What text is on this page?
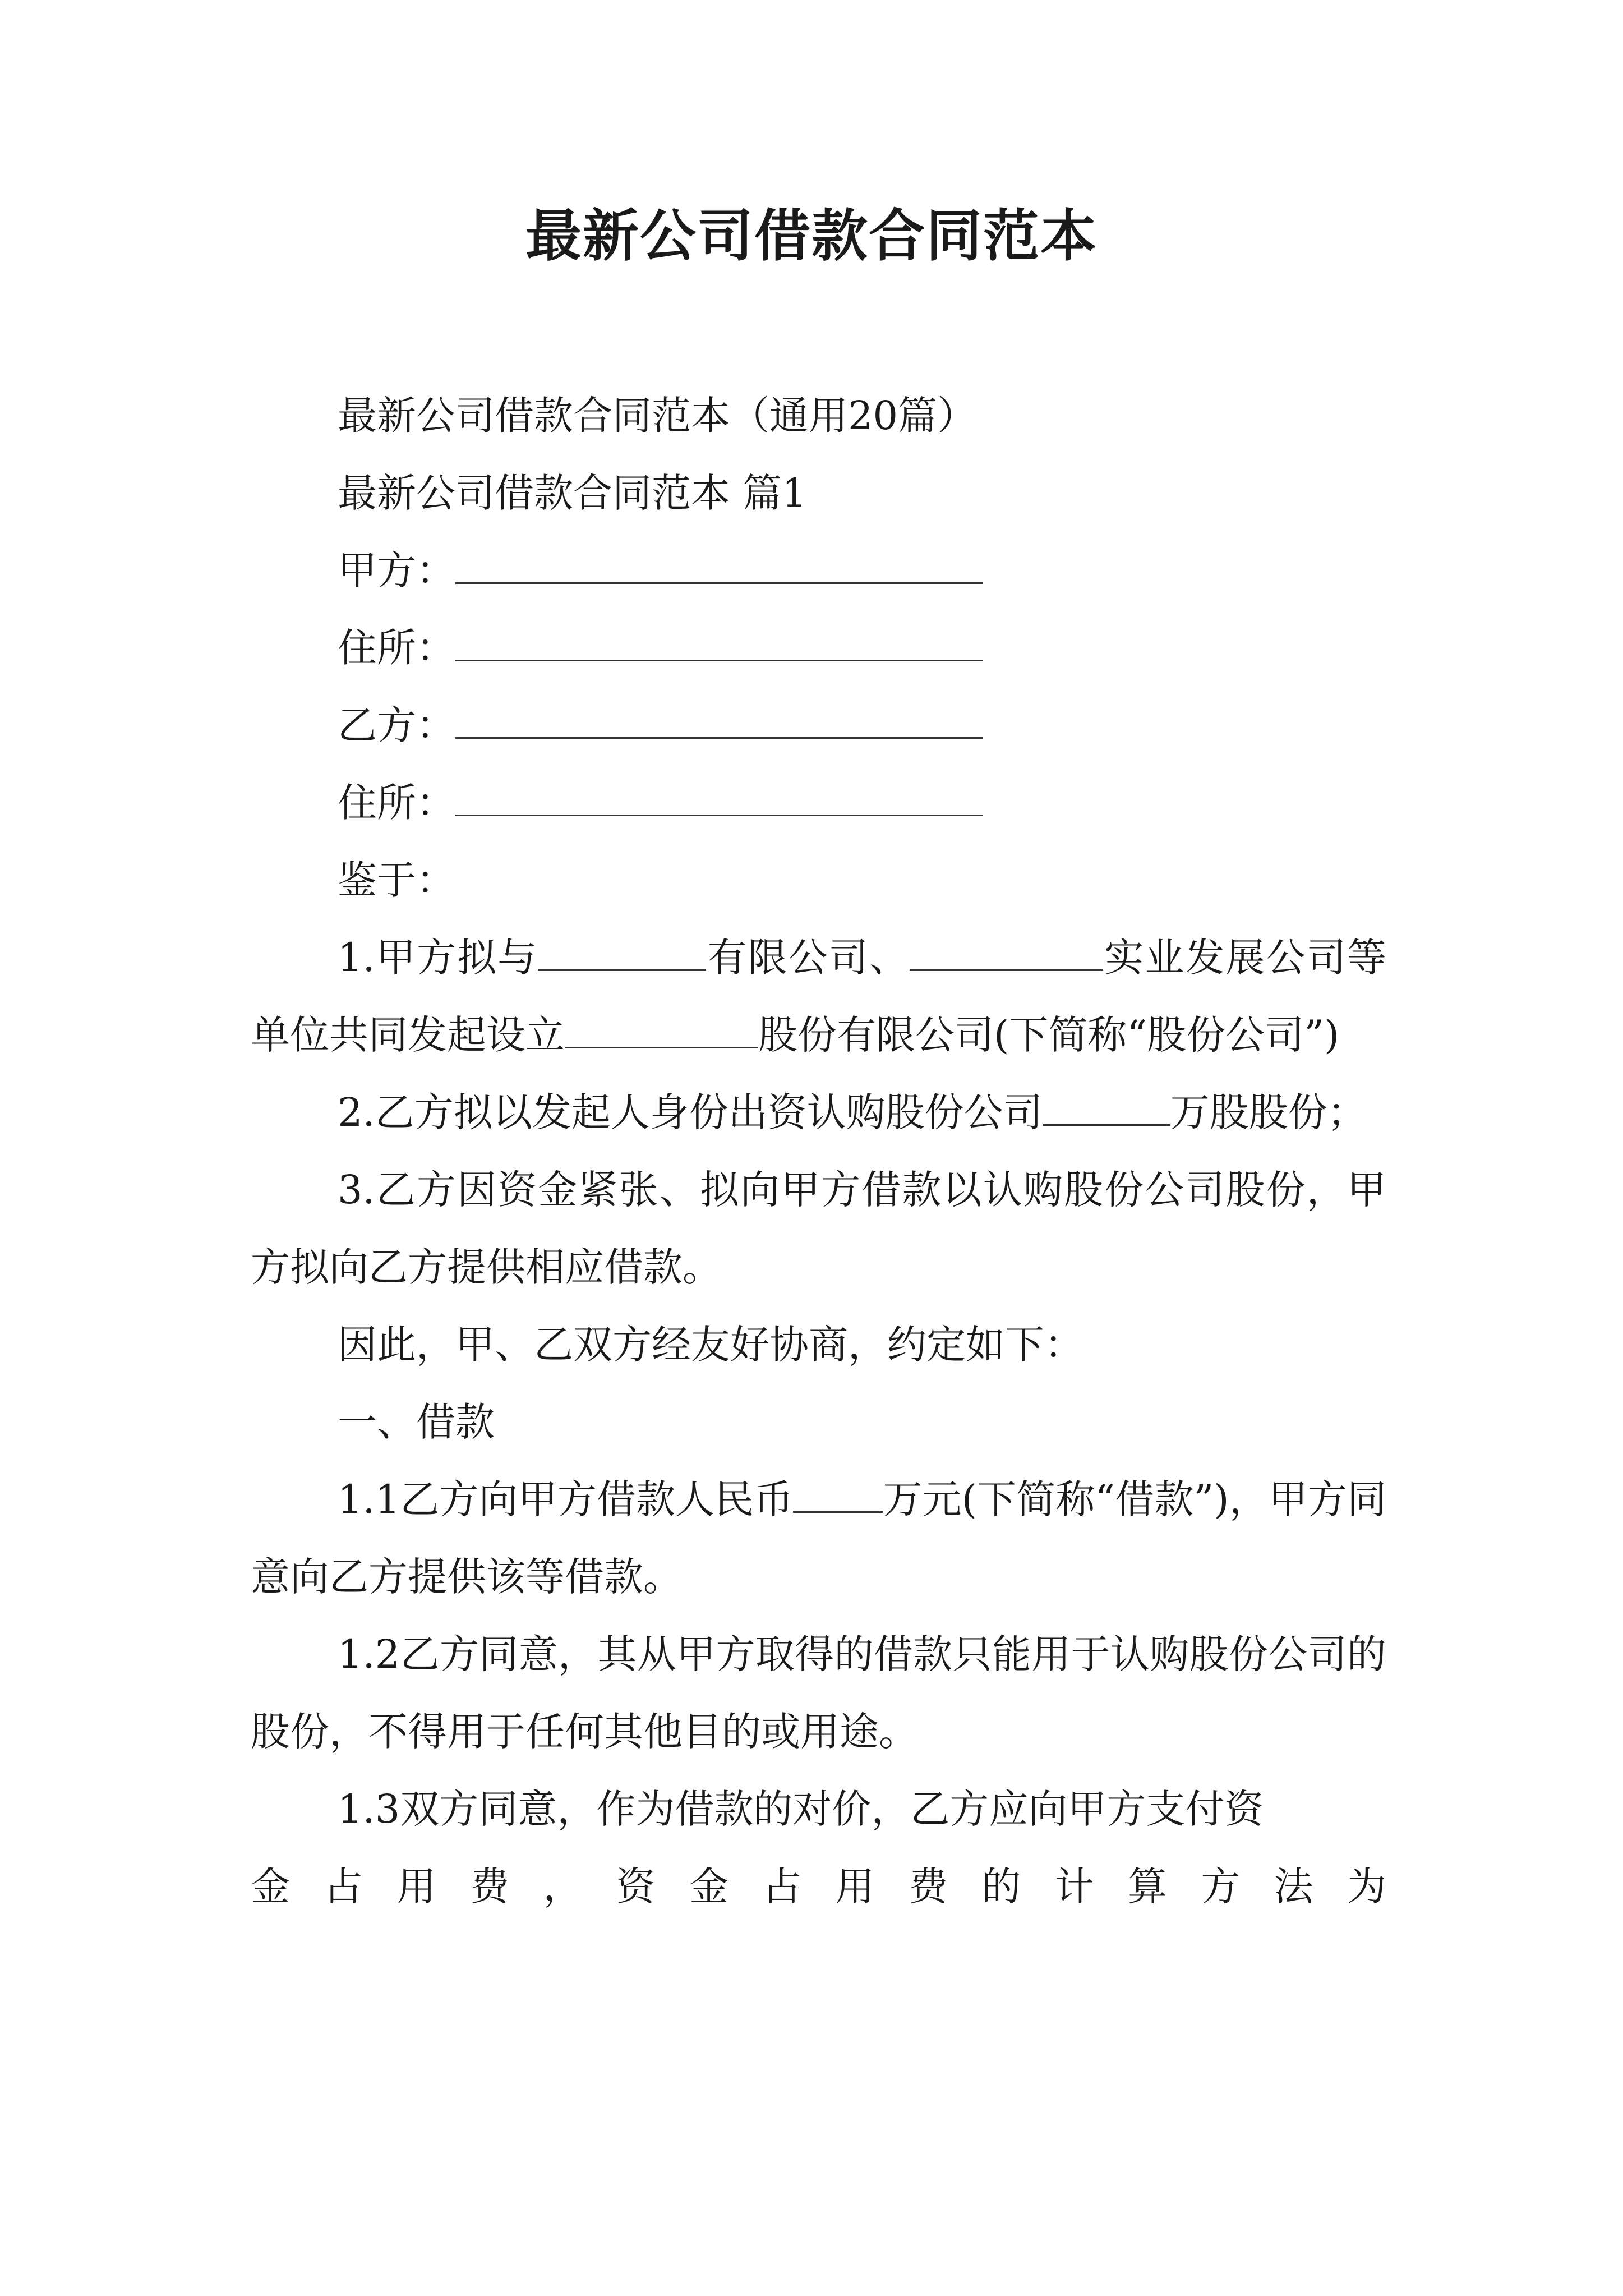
最新公司借款合同范本

最新公司借款合同范本（通用20篇）

最新公司借款合同范本 篇1

甲方：

住所：

乙方：

住所：

鉴于：

1.甲方拟与	有限公司、	实业发展公司等单位共同发起设立	股份有限公司(下简称“股份公司”)

2.乙方拟以发起人身份出资认购股份公司	万股股份；

3.乙方因资金紧张、拟向甲方借款以认购股份公司股份，甲方拟向乙方提供相应借款。

因此，甲、乙双方经友好协商，约定如下：

一、借款

1.1乙方向甲方借款人民币 万元(下简称“借款”)，甲方同意向乙方提供该等借款。

1.2乙方同意，其从甲方取得的借款只能用于认购股份公司的股份，不得用于任何其他目的或用途。

1.3双方同意，作为借款的对价，乙方应向甲方支付资

金占用费，资金占用费的计算方法为
